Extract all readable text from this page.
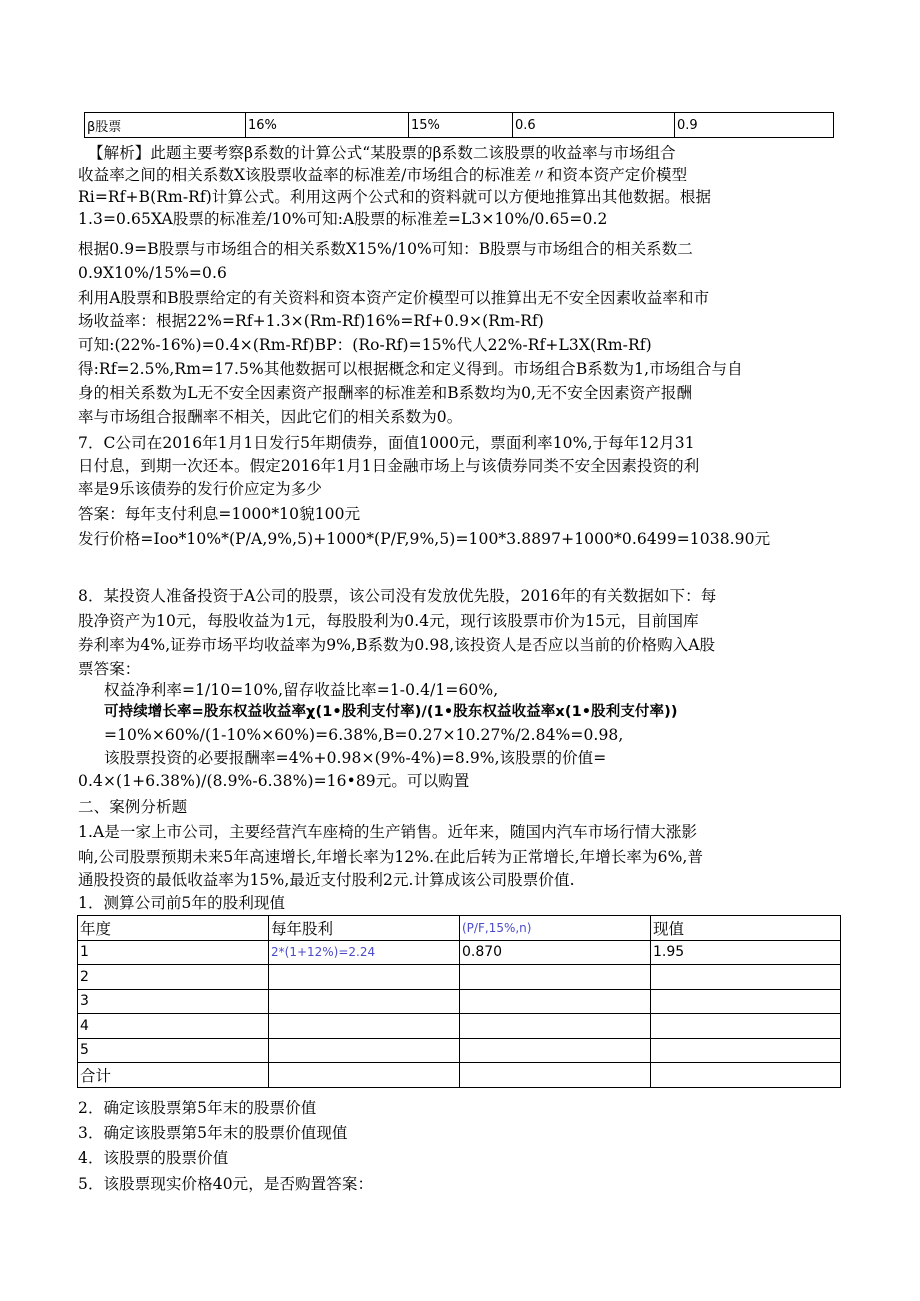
β股票	16%	15%	0.6	0.9
【解析】此题主要考察β系数的计算公式“某股票的β系数二该股票的收益率与市场组合
收益率之间的相关系数X该股票收益率的标准差/市场组合的标准差〃和资本资产定价模型
Ri=Rf+B(Rm-Rf)计算公式。利用这两个公式和的资料就可以方便地推算出其他数据。根据
1.3=0.65XA股票的标准差/10%可知:A股票的标准差=L3×10%/0.65=0.2
根据0.9=B股票与市场组合的相关系数X15%/10%可知：B股票与市场组合的相关系数二
0.9X10%/15%=0.6
利用A股票和B股票给定的有关资料和资本资产定价模型可以推算出无不安全因素收益率和市
场收益率：根据22%=Rf+1.3×(Rm-Rf)16%=Rf+0.9×(Rm-Rf)
可知:(22%-16%)=0.4×(Rm-Rf)BP：(Ro-Rf)=15%代人22%-Rf+L3X(Rm-Rf)
得:Rf=2.5%,Rm=17.5%其他数据可以根据概念和定义得到。市场组合B系数为1,市场组合与自
身的相关系数为L无不安全因素资产报酬率的标准差和B系数均为0,无不安全因素资产报酬
率与市场组合报酬率不相关，因此它们的相关系数为0。
7．C公司在2016年1月1日发行5年期债券，面值1000元，票面利率10%,于每年12月31
日付息，到期一次还本。假定2016年1月1日金融市场上与该债券同类不安全因素投资的利
率是9乐该债券的发行价应定为多少
答案：每年支付利息=1000*10貌100元
发行价格=Ioo*10%*(P/A,9%,5)+1000*(P/F,9%,5)=100*3.8897+1000*0.6499=1038.90元
8．某投资人准备投资于A公司的股票，该公司没有发放优先股，2016年的有关数据如下：每
股净资产为10元，每股收益为1元，每股股利为0.4元，现行该股票市价为15元，目前国库
券利率为4%,证券市场平均收益率为9%,B系数为0.98,该投资人是否应以当前的价格购入A股
票答案：
权益净利率=1/10=10%,留存收益比率=1-0.4/1=60%,
可持续增长率=股东权益收益率χ(1•股利支付率)/(1•股东权益收益率x(1•股利支付率))
=10%×60%/(1-10%×60%)=6.38%,B=0.27×10.27%/2.84%=0.98,
该股票投资的必要报酬率=4%+0.98×(9%-4%)=8.9%,该股票的价值=
0.4×(1+6.38%)/(8.9%-6.38%)=16•89元。可以购置
二、案例分析题
1.A是一家上市公司，主要经营汽车座椅的生产销售。近年来，随国内汽车市场行情大涨影
响,公司股票预期未来5年高速增长,年增长率为12%.在此后转为正常增长,年增长率为6%,普
通股投资的最低收益率为15%,最近支付股利2元.计算成该公司股票价值.
1．测算公司前5年的股利现值
年度	每年股利	(P/F,15%,n)	现值
1	2*(1+12%)=2.24	0.870	1.95
2			
3			
4			
5			
合计			
2．确定该股票第5年末的股票价值
3．确定该股票第5年末的股票价值现值
4．该股票的股票价值
5．该股票现实价格40元，是否购置答案：
